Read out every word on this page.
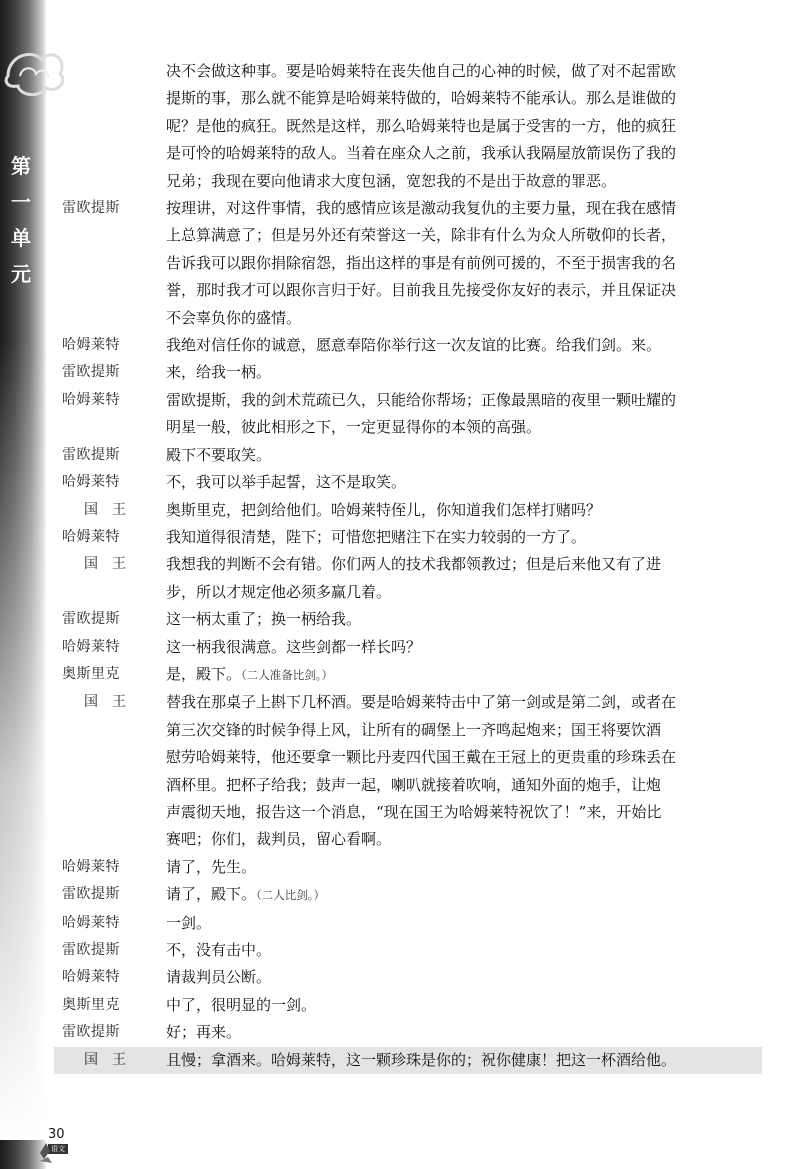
第
一
单
元
决不会做这种事。要是哈姆莱特在丧失他自己的心神的时候，做了对不起雷欧
提斯的事，那么就不能算是哈姆莱特做的，哈姆莱特不能承认。那么是谁做的
呢？是他的疯狂。既然是这样，那么哈姆莱特也是属于受害的一方，他的疯狂
是可怜的哈姆莱特的敌人。当着在座众人之前，我承认我隔屋放箭误伤了我的
兄弟；我现在要向他请求大度包涵，宽恕我的不是出于故意的罪恶。
雷欧提斯	按理讲，对这件事情，我的感情应该是激动我复仇的主要力量，现在我在感情
上总算满意了；但是另外还有荣誉这一关，除非有什么为众人所敬仰的长者，
告诉我可以跟你捐除宿怨，指出这样的事是有前例可援的，不至于损害我的名
誉，那时我才可以跟你言归于好。目前我且先接受你友好的表示，并且保证决
不会辜负你的盛情。
哈姆莱特	我绝对信任你的诚意，愿意奉陪你举行这一次友谊的比赛。给我们剑。来。
雷欧提斯	来，给我一柄。
哈姆莱特	雷欧提斯，我的剑术荒疏已久，只能给你帮场；正像最黑暗的夜里一颗吐耀的
明星一般，彼此相形之下，一定更显得你的本领的高强。
雷欧提斯	殿下不要取笑。
哈姆莱特	不，我可以举手起誓，这不是取笑。
国王	奥斯里克，把剑给他们。哈姆莱特侄儿，你知道我们怎样打赌吗？
哈姆莱特	我知道得很清楚，陛下；可惜您把赌注下在实力较弱的一方了。
国王	我想我的判断不会有错。你们两人的技术我都领教过；但是后来他又有了进
步，所以才规定他必须多赢几着。
雷欧提斯	这一柄太重了；换一柄给我。
哈姆莱特	这一柄我很满意。这些剑都一样长吗？
奥斯里克	是，殿下。（二人准备比剑。）
国王	替我在那桌子上斟下几杯酒。要是哈姆莱特击中了第一剑或是第二剑，或者在
第三次交锋的时候争得上风，让所有的碉堡上一齐鸣起炮来；国王将要饮酒
慰劳哈姆莱特，他还要拿一颗比丹麦四代国王戴在王冠上的更贵重的珍珠丢在
酒杯里。把杯子给我；鼓声一起，喇叭就接着吹响，通知外面的炮手，让炮
声震彻天地，报告这一个消息，“现在国王为哈姆莱特祝饮了！”来，开始比
赛吧；你们，裁判员，留心看啊。
哈姆莱特	请了，先生。
雷欧提斯	请了，殿下。（二人比剑。）
哈姆莱特	一剑。
雷欧提斯	不，没有击中。
哈姆莱特	请裁判员公断。
奥斯里克	中了，很明显的一剑。
雷欧提斯	好；再来。
国王	且慢；拿酒来。哈姆莱特，这一颗珍珠是你的；祝你健康！把这一杯酒给他。
30
语文
